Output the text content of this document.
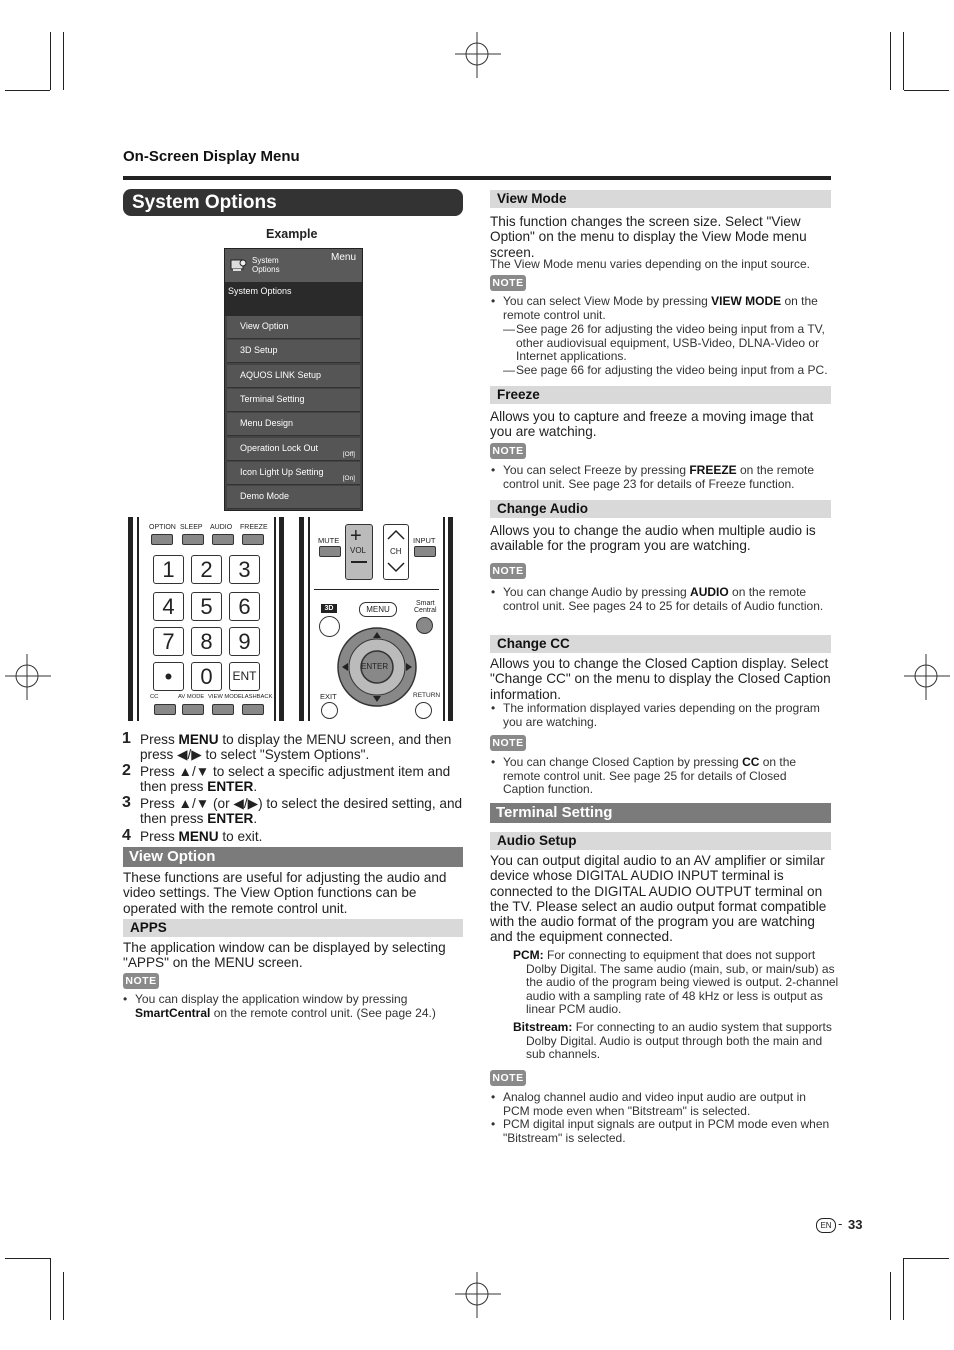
On-Screen Display Menu
System Options
Example
System
Options
Menu
System Options
View Option
3D Setup
AQUOS LINK Setup
Terminal Setting
Menu Design
Operation Lock Out
[Off]
Icon Light Up Setting
[On]
Demo Mode
OPTION SLEEP AUDIO FREEZE
1	2	3
4	5	6
7	8	9
•	0	ENT
CC	AV MODE VIEW MODE
FLASHBACK
MUTE +
VOL	CH
INPUT
3D	MENU
Smart
Central
ENTER
EXIT	RETURN
1 Press MENU to display the MENU screen, and then press ◀/▶ to select "System Options".
2 Press ▲/▼ to select a specific adjustment item and then press ENTER.
3 Press ▲/▼ (or ◀/▶) to select the desired setting, and then press ENTER.
4 Press MENU to exit.
View Option
These functions are useful for adjusting the audio and video settings. The View Option functions can be operated with the remote control unit.
APPS
The application window can be displayed by selecting "APPS" on the MENU screen.
NOTE
• You can display the application window by pressing SmartCentral on the remote control unit. (See page 24.)
View Mode
This function changes the screen size. Select "View Option" on the menu to display the View Mode menu screen.
The View Mode menu varies depending on the input source.
NOTE
• You can select View Mode by pressing VIEW MODE on the remote control unit.
— See page 26 for adjusting the video being input from a TV, other audiovisual equipment, USB-Video, DLNA-Video or Internet applications.
— See page 66 for adjusting the video being input from a PC.
Freeze
Allows you to capture and freeze a moving image that you are watching.
NOTE
• You can select Freeze by pressing FREEZE on the remote control unit. See page 23 for details of Freeze function.
Change Audio
Allows you to change the audio when multiple audio is available for the program you are watching.
NOTE
• You can change Audio by pressing AUDIO on the remote control unit. See pages 24 to 25 for details of Audio function.
Change CC
Allows you to change the Closed Caption display. Select "Change CC" on the menu to display the Closed Caption information.
• The information displayed varies depending on the program you are watching.
NOTE
• You can change Closed Caption by pressing CC on the remote control unit. See page 25 for details of Closed Caption function.
Terminal Setting
Audio Setup
You can output digital audio to an AV amplifier or similar device whose DIGITAL AUDIO INPUT terminal is connected to the DIGITAL AUDIO OUTPUT terminal on the TV. Please select an audio output format compatible with the audio format of the program you are watching and the equipment connected.
PCM: For connecting to equipment that does not support Dolby Digital. The same audio (main, sub, or main/sub) as the audio of the program being viewed is output. 2-channel audio with a sampling rate of 48 kHz or less is output as linear PCM audio.
Bitstream: For connecting to an audio system that supports Dolby Digital. Audio is output through both the main and sub channels.
NOTE
• Analog channel audio and video input audio are output in PCM mode even when "Bitstream" is selected.
• PCM digital input signals are output in PCM mode even when "Bitstream" is selected.
EN - 33
